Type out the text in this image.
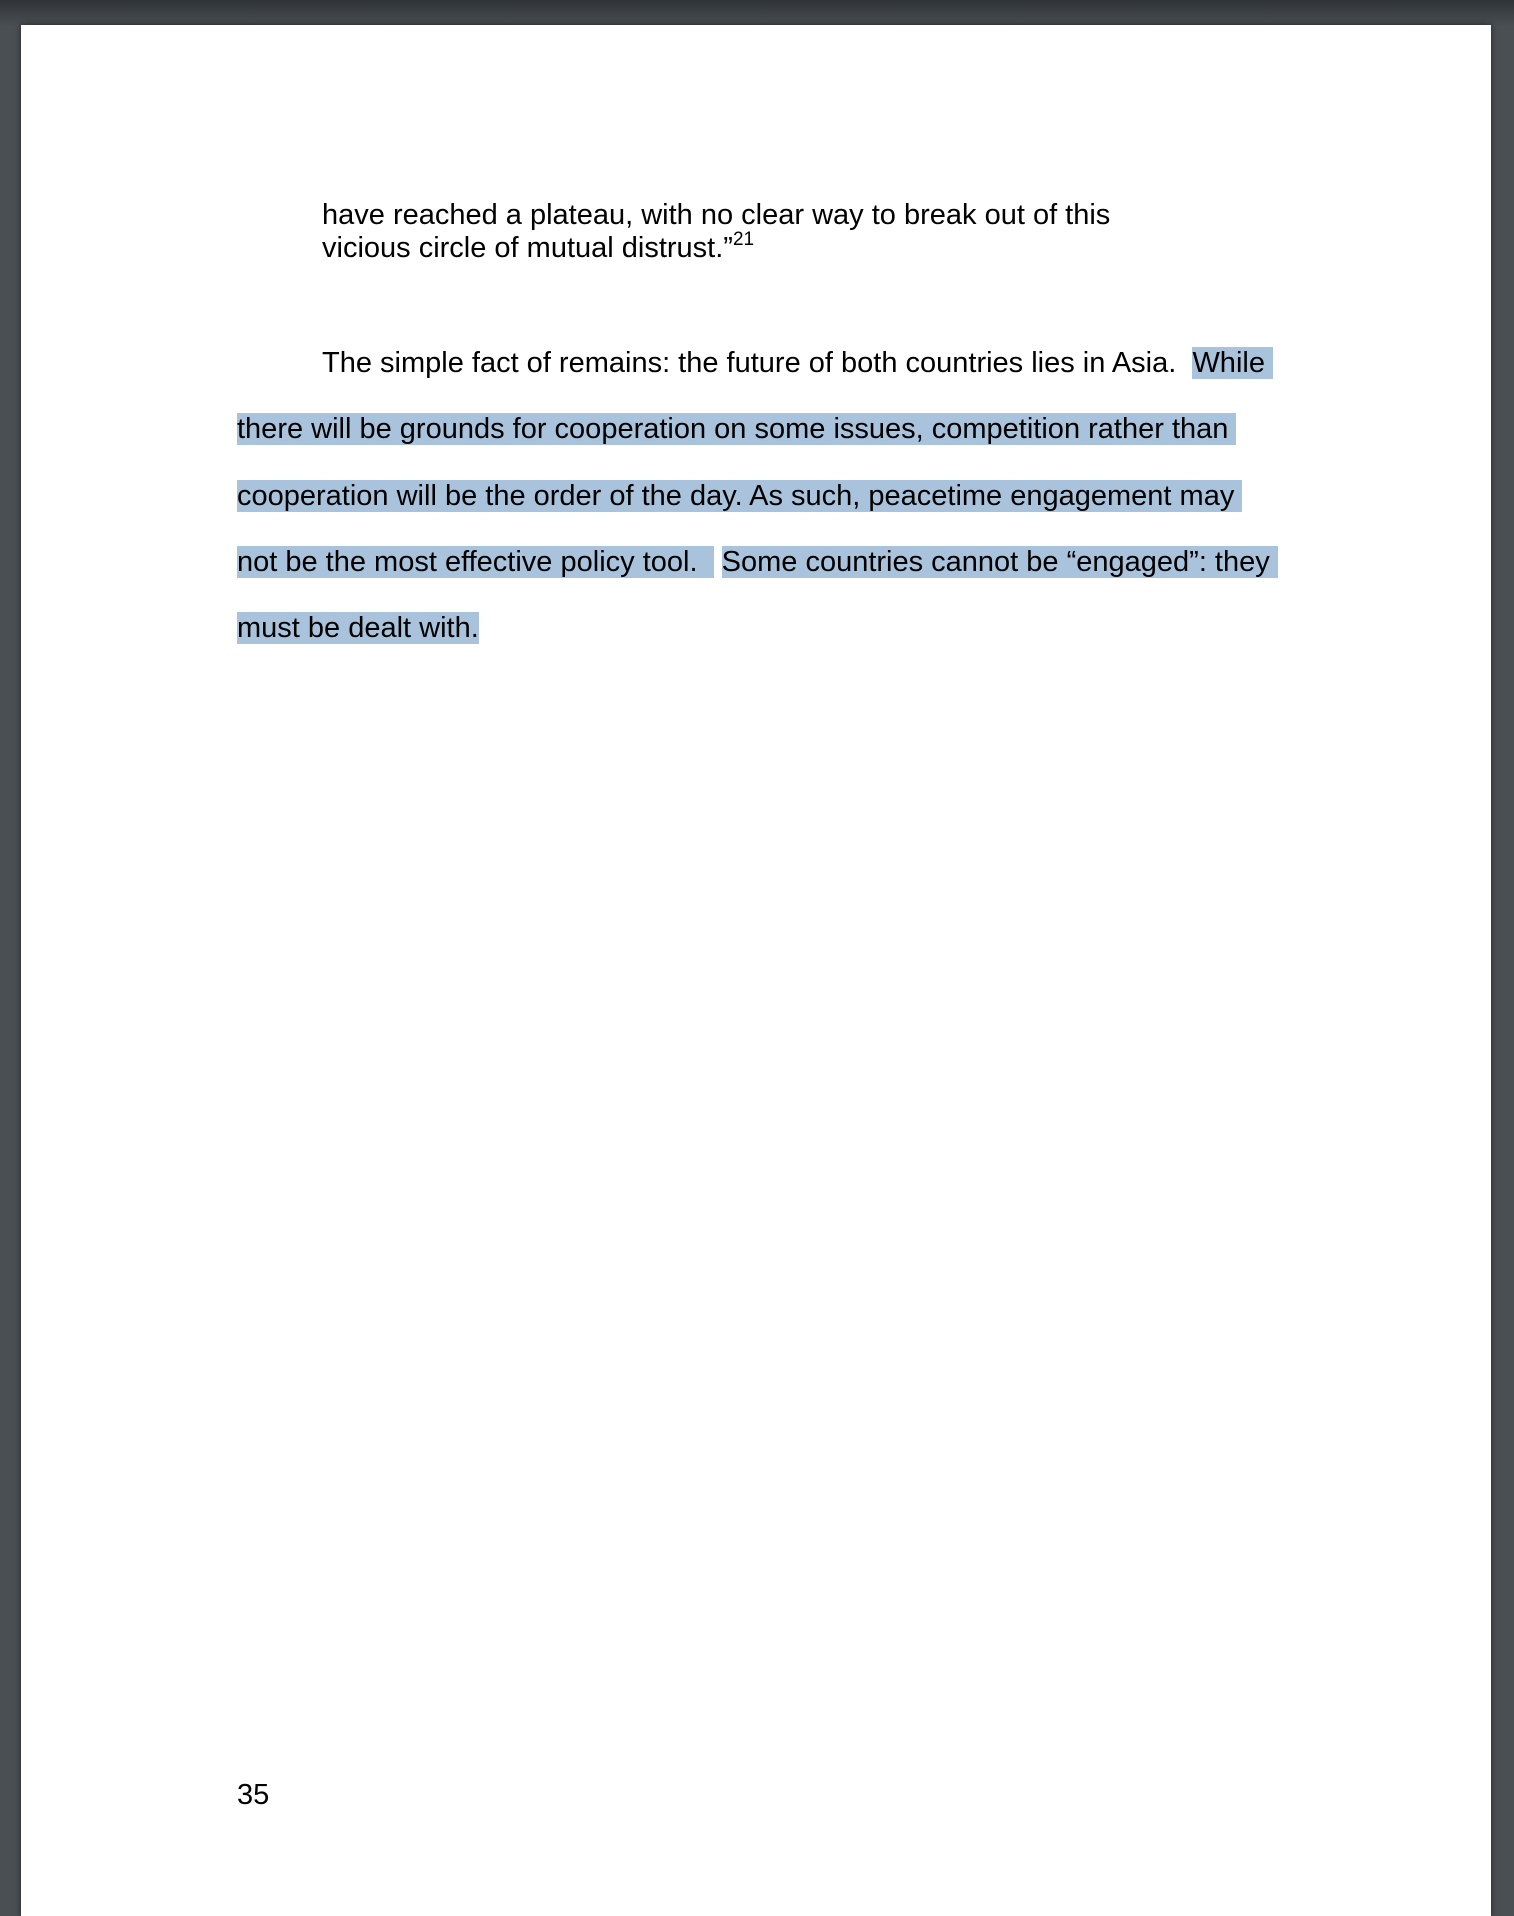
have reached a plateau, with no clear way to break out of this
vicious circle of mutual distrust.”$^{21}$
The simple fact of remains: the future of both countries lies in Asia.  While
there will be grounds for cooperation on some issues, competition rather than
cooperation will be the order of the day. As such, peacetime engagement may
not be the most effective policy tool.  Some countries cannot be “engaged”: they
must be dealt with.
35
